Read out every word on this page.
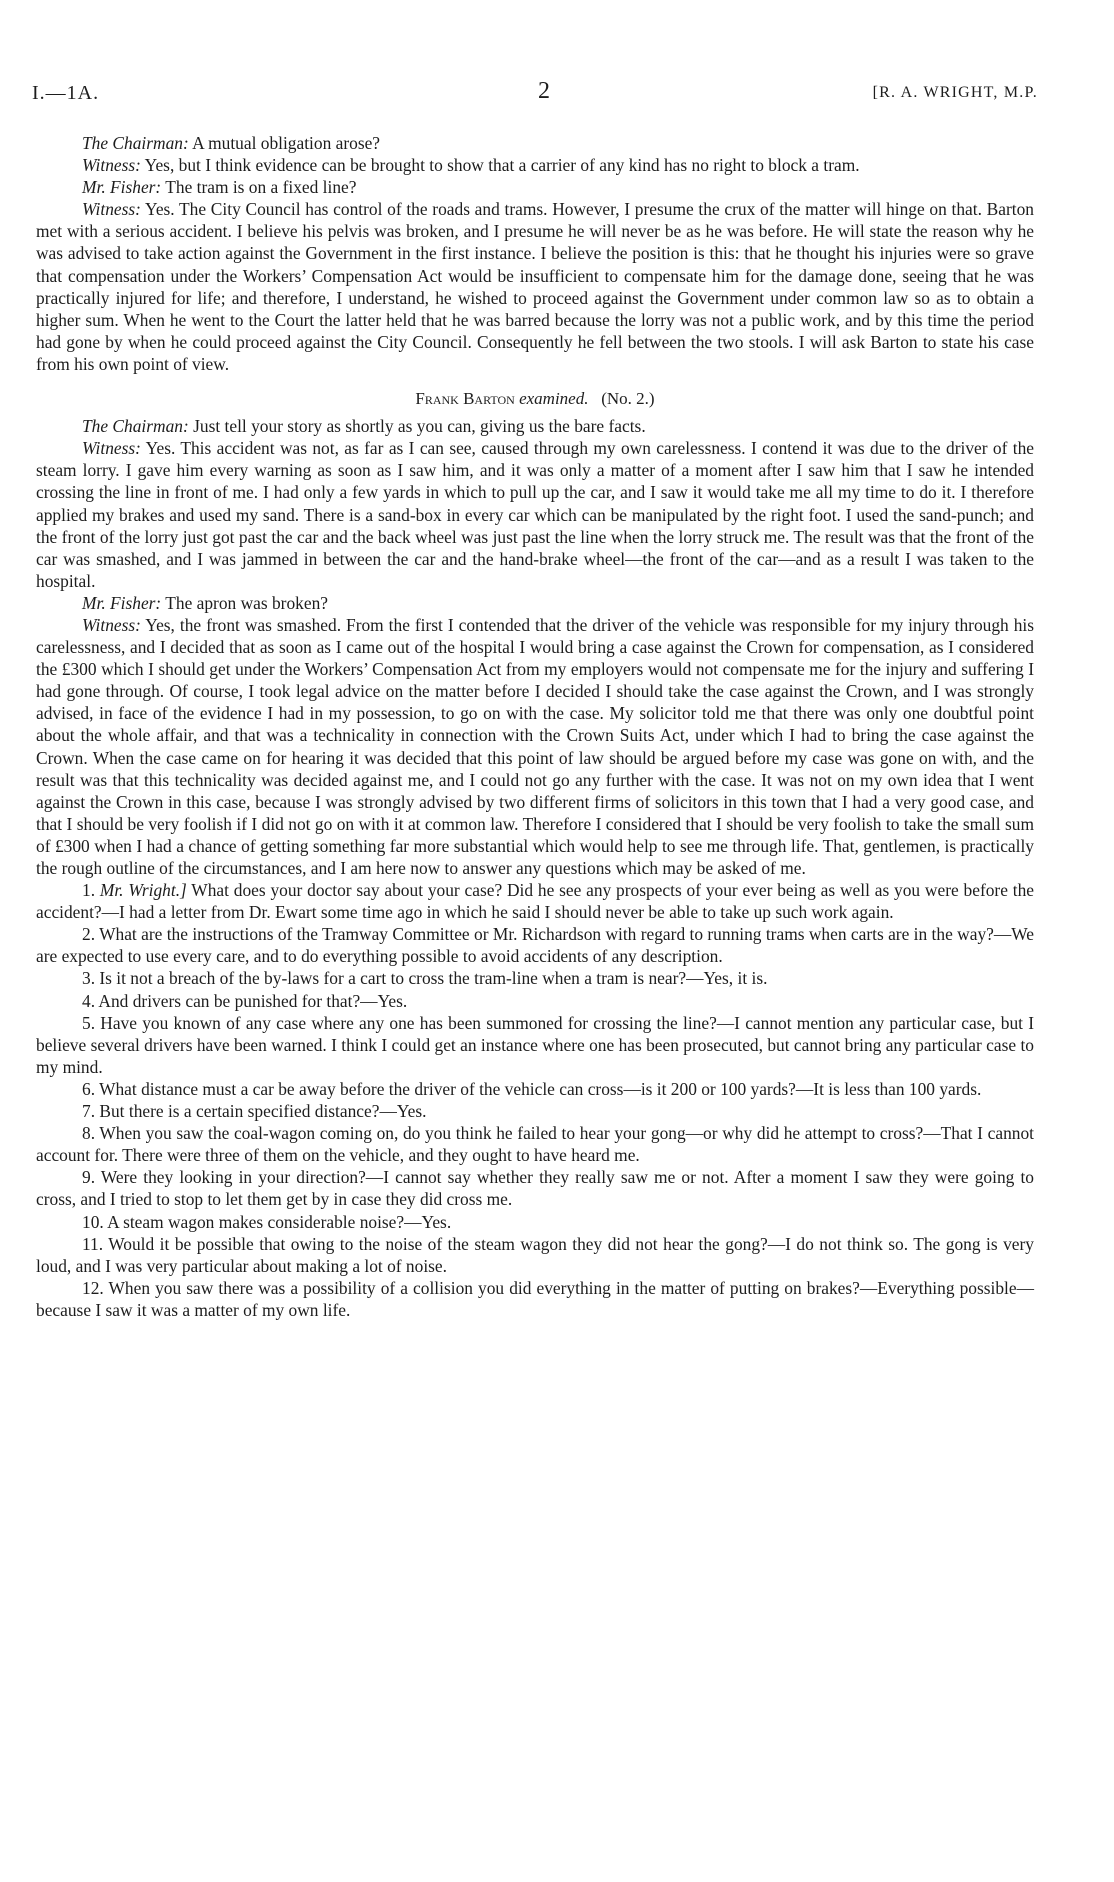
I.—1A.	2	[R. A. WRIGHT, M.P.

The Chairman: A mutual obligation arose?

Witness: Yes, but I think evidence can be brought to show that a carrier of any kind has no right to block a tram.

Mr. Fisher: The tram is on a fixed line?

Witness: Yes. The City Council has control of the roads and trams. However, I presume the crux of the matter will hinge on that. Barton met with a serious accident. I believe his pelvis was broken, and I presume he will never be as he was before. He will state the reason why he was advised to take action against the Government in the first instance. I believe the position is this: that he thought his injuries were so grave that compensation under the Workers’ Compensation Act would be insufficient to compensate him for the damage done, seeing that he was practically injured for life; and therefore, I understand, he wished to proceed against the Government under common law so as to obtain a higher sum. When he went to the Court the latter held that he was barred because the lorry was not a public work, and by this time the period had gone by when he could proceed against the City Council. Consequently he fell between the two stools. I will ask Barton to state his case from his own point of view.

Frank Barton examined. (No. 2.)

The Chairman: Just tell your story as shortly as you can, giving us the bare facts.

Witness: Yes. This accident was not, as far as I can see, caused through my own carelessness. I contend it was due to the driver of the steam lorry. I gave him every warning as soon as I saw him, and it was only a matter of a moment after I saw him that I saw he intended crossing the line in front of me. I had only a few yards in which to pull up the car, and I saw it would take me all my time to do it. I therefore applied my brakes and used my sand. There is a sand-box in every car which can be manipulated by the right foot. I used the sand-punch; and the front of the lorry just got past the car and the back wheel was just past the line when the lorry struck me. The result was that the front of the car was smashed, and I was jammed in between the car and the hand-brake wheel—the front of the car—and as a result I was taken to the hospital.

Mr. Fisher: The apron was broken?

Witness: Yes, the front was smashed. From the first I contended that the driver of the vehicle was responsible for my injury through his carelessness, and I decided that as soon as I came out of the hospital I would bring a case against the Crown for compensation, as I considered the £300 which I should get under the Workers’ Compensation Act from my employers would not compensate me for the injury and suffering I had gone through. Of course, I took legal advice on the matter before I decided I should take the case against the Crown, and I was strongly advised, in face of the evidence I had in my possession, to go on with the case. My solicitor told me that there was only one doubtful point about the whole affair, and that was a technicality in connection with the Crown Suits Act, under which I had to bring the case against the Crown. When the case came on for hearing it was decided that this point of law should be argued before my case was gone on with, and the result was that this technicality was decided against me, and I could not go any further with the case. It was not on my own idea that I went against the Crown in this case, because I was strongly advised by two different firms of solicitors in this town that I had a very good case, and that I should be very foolish if I did not go on with it at common law. Therefore I considered that I should be very foolish to take the small sum of £300 when I had a chance of getting something far more substantial which would help to see me through life. That, gentlemen, is practically the rough outline of the circumstances, and I am here now to answer any questions which may be asked of me.

1. Mr. Wright.] What does your doctor say about your case? Did he see any prospects of your ever being as well as you were before the accident?—I had a letter from Dr. Ewart some time ago in which he said I should never be able to take up such work again.

2. What are the instructions of the Tramway Committee or Mr. Richardson with regard to running trams when carts are in the way?—We are expected to use every care, and to do everything possible to avoid accidents of any description.

3. Is it not a breach of the by-laws for a cart to cross the tram-line when a tram is near?—Yes, it is.

4. And drivers can be punished for that?—Yes.

5. Have you known of any case where any one has been summoned for crossing the line?—I cannot mention any particular case, but I believe several drivers have been warned. I think I could get an instance where one has been prosecuted, but cannot bring any particular case to my mind.

6. What distance must a car be away before the driver of the vehicle can cross—is it 200 or 100 yards?—It is less than 100 yards.

7. But there is a certain specified distance?—Yes.

8. When you saw the coal-wagon coming on, do you think he failed to hear your gong—or why did he attempt to cross?—That I cannot account for. There were three of them on the vehicle, and they ought to have heard me.

9. Were they looking in your direction?—I cannot say whether they really saw me or not. After a moment I saw they were going to cross, and I tried to stop to let them get by in case they did cross me.

10. A steam wagon makes considerable noise?—Yes.

11. Would it be possible that owing to the noise of the steam wagon they did not hear the gong?—I do not think so. The gong is very loud, and I was very particular about making a lot of noise.

12. When you saw there was a possibility of a collision you did everything in the matter of putting on brakes?—Everything possible—because I saw it was a matter of my own life.
